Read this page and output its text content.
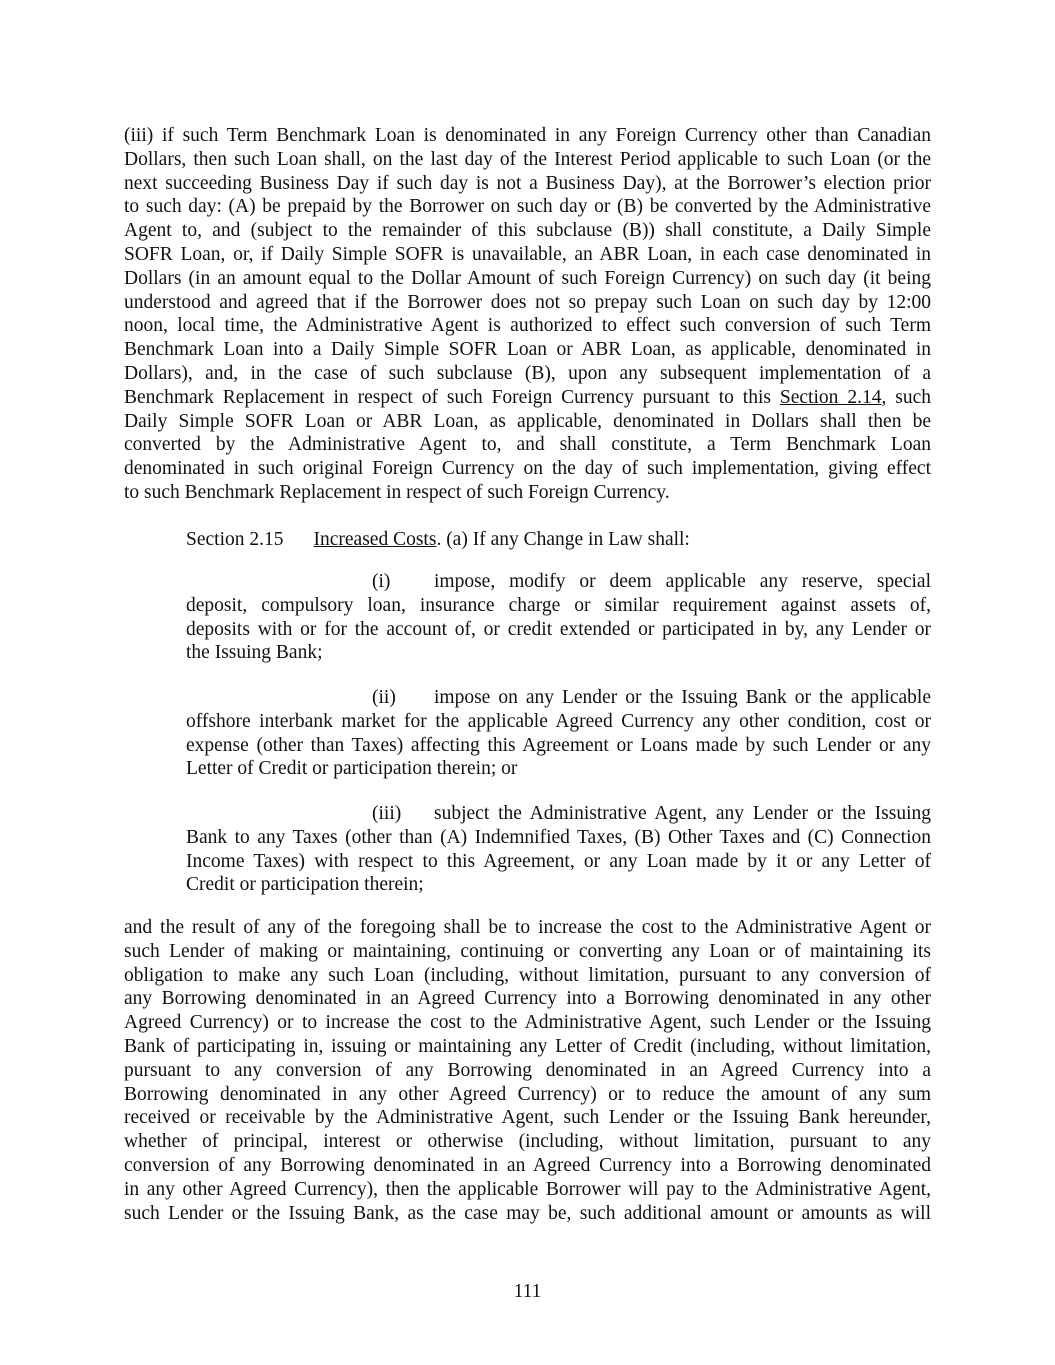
(iii) if such Term Benchmark Loan is denominated in any Foreign Currency other than Canadian
Dollars, then such Loan shall, on the last day of the Interest Period applicable to such Loan (or the
next succeeding Business Day if such day is not a Business Day), at the Borrower’s election prior
to such day: (A) be prepaid by the Borrower on such day or (B) be converted by the Administrative
Agent to, and (subject to the remainder of this subclause (B)) shall constitute, a Daily Simple
SOFR Loan, or, if Daily Simple SOFR is unavailable, an ABR Loan, in each case denominated in
Dollars (in an amount equal to the Dollar Amount of such Foreign Currency) on such day (it being
understood and agreed that if the Borrower does not so prepay such Loan on such day by 12:00
noon, local time, the Administrative Agent is authorized to effect such conversion of such Term
Benchmark Loan into a Daily Simple SOFR Loan or ABR Loan, as applicable, denominated in
Dollars), and, in the case of such subclause (B), upon any subsequent implementation of a
Benchmark Replacement in respect of such Foreign Currency pursuant to this Section 2.14, such
Daily Simple SOFR Loan or ABR Loan, as applicable, denominated in Dollars shall then be
converted by the Administrative Agent to, and shall constitute, a Term Benchmark Loan
denominated in such original Foreign Currency on the day of such implementation, giving effect
to such Benchmark Replacement in respect of such Foreign Currency.
Section 2.15 Increased Costs. (a) If any Change in Law shall:
(i)	impose, modify or deem applicable any reserve, special
deposit, compulsory loan, insurance charge or similar requirement against assets of,
deposits with or for the account of, or credit extended or participated in by, any Lender or
the Issuing Bank;
(ii)	impose on any Lender or the Issuing Bank or the applicable
offshore interbank market for the applicable Agreed Currency any other condition, cost or
expense (other than Taxes) affecting this Agreement or Loans made by such Lender or any
Letter of Credit or participation therein; or
(iii)	subject the Administrative Agent, any Lender or the Issuing
Bank to any Taxes (other than (A) Indemnified Taxes, (B) Other Taxes and (C) Connection
Income Taxes) with respect to this Agreement, or any Loan made by it or any Letter of
Credit or participation therein;
and the result of any of the foregoing shall be to increase the cost to the Administrative Agent or
such Lender of making or maintaining, continuing or converting any Loan or of maintaining its
obligation to make any such Loan (including, without limitation, pursuant to any conversion of
any Borrowing denominated in an Agreed Currency into a Borrowing denominated in any other
Agreed Currency) or to increase the cost to the Administrative Agent, such Lender or the Issuing
Bank of participating in, issuing or maintaining any Letter of Credit (including, without limitation,
pursuant to any conversion of any Borrowing denominated in an Agreed Currency into a
Borrowing denominated in any other Agreed Currency) or to reduce the amount of any sum
received or receivable by the Administrative Agent, such Lender or the Issuing Bank hereunder,
whether of principal, interest or otherwise (including, without limitation, pursuant to any
conversion of any Borrowing denominated in an Agreed Currency into a Borrowing denominated
in any other Agreed Currency), then the applicable Borrower will pay to the Administrative Agent,
such Lender or the Issuing Bank, as the case may be, such additional amount or amounts as will
111
